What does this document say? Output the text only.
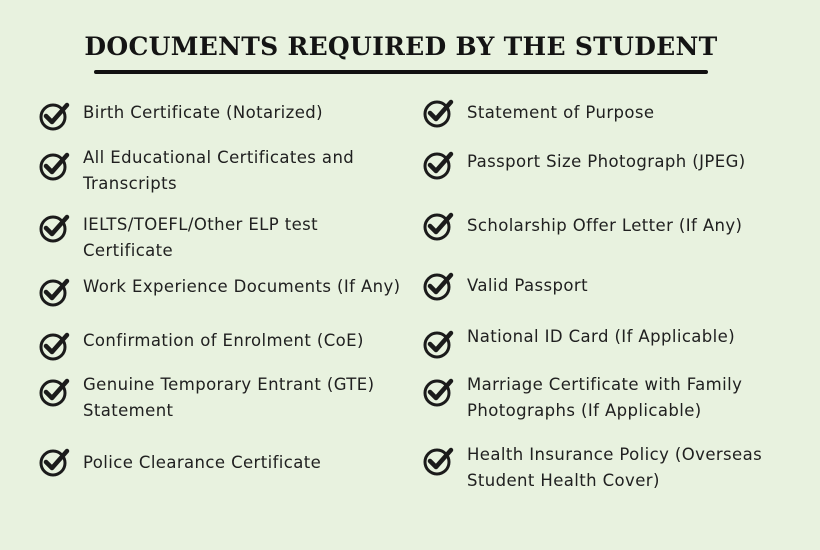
DOCUMENTS REQUIRED BY THE STUDENT
Birth Certificate (Notarized)
All Educational Certificates and
Transcripts
IELTS/TOEFL/Other ELP test
Certificate
Work Experience Documents (If Any)
Confirmation of Enrolment (CoE)
Genuine Temporary Entrant (GTE)
Statement
Police Clearance Certificate
Statement of Purpose
Passport Size Photograph (JPEG)
Scholarship Offer Letter (If Any)
Valid Passport
National ID Card (If Applicable)
Marriage Certificate with Family
Photographs (If Applicable)
Health Insurance Policy (Overseas
Student Health Cover)
